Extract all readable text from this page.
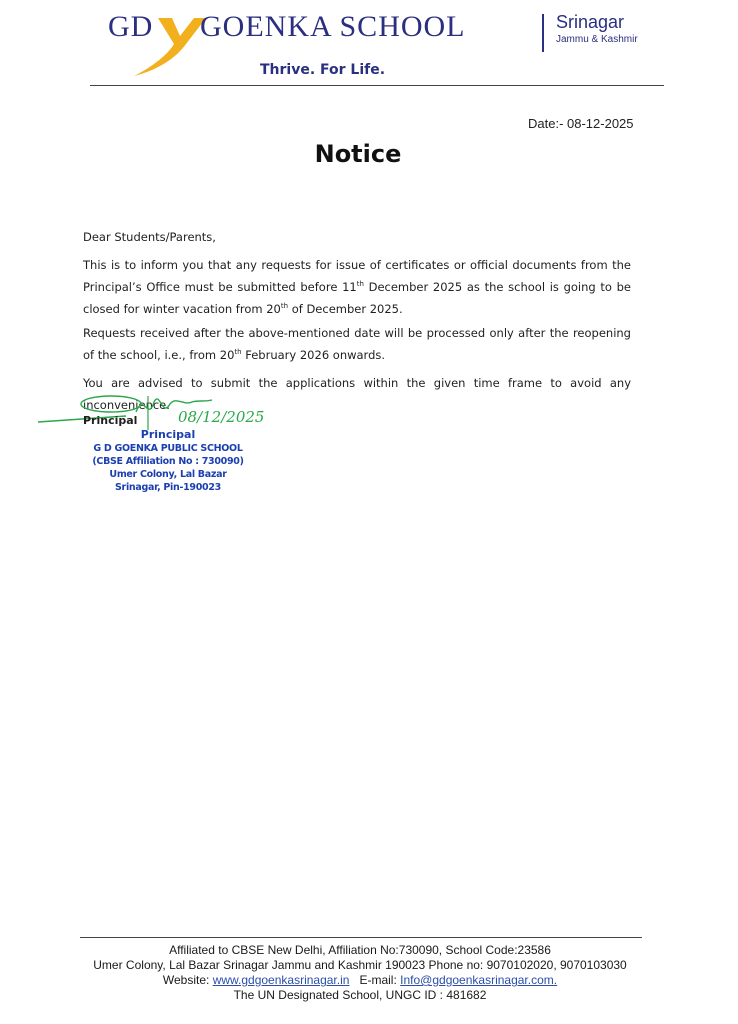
GD GOENKA SCHOOL	Srinagar
Jammu & Kashmir
Thrive. For Life.
Date:- 08-12-2025
Notice

Dear Students/Parents,

This is to inform you that any requests for issue of certificates or official documents from the Principal’s Office must be submitted before 11th December 2025 as the school is going to be closed for winter vacation from 20th of December 2025.

Requests received after the above-mentioned date will be processed only after the reopening of the school, i.e., from 20th February 2026 onwards.

You are advised to submit the applications within the given time frame to avoid any inconvenience.

08/12/2025
Principal
Principal
G D GOENKA PUBLIC SCHOOL
(CBSE Affiliation No : 730090)
Umer Colony, Lal Bazar
Srinagar, Pin-190023
Affiliated to CBSE New Delhi, Affiliation No:730090, School Code:23586
Umer Colony, Lal Bazar Srinagar Jammu and Kashmir 190023 Phone no: 9070102020, 9070103030
Website: www.gdgoenkasrinagar.in E-mail: Info@gdgoenkasrinagar.com.
The UN Designated School, UNGC ID : 481682
